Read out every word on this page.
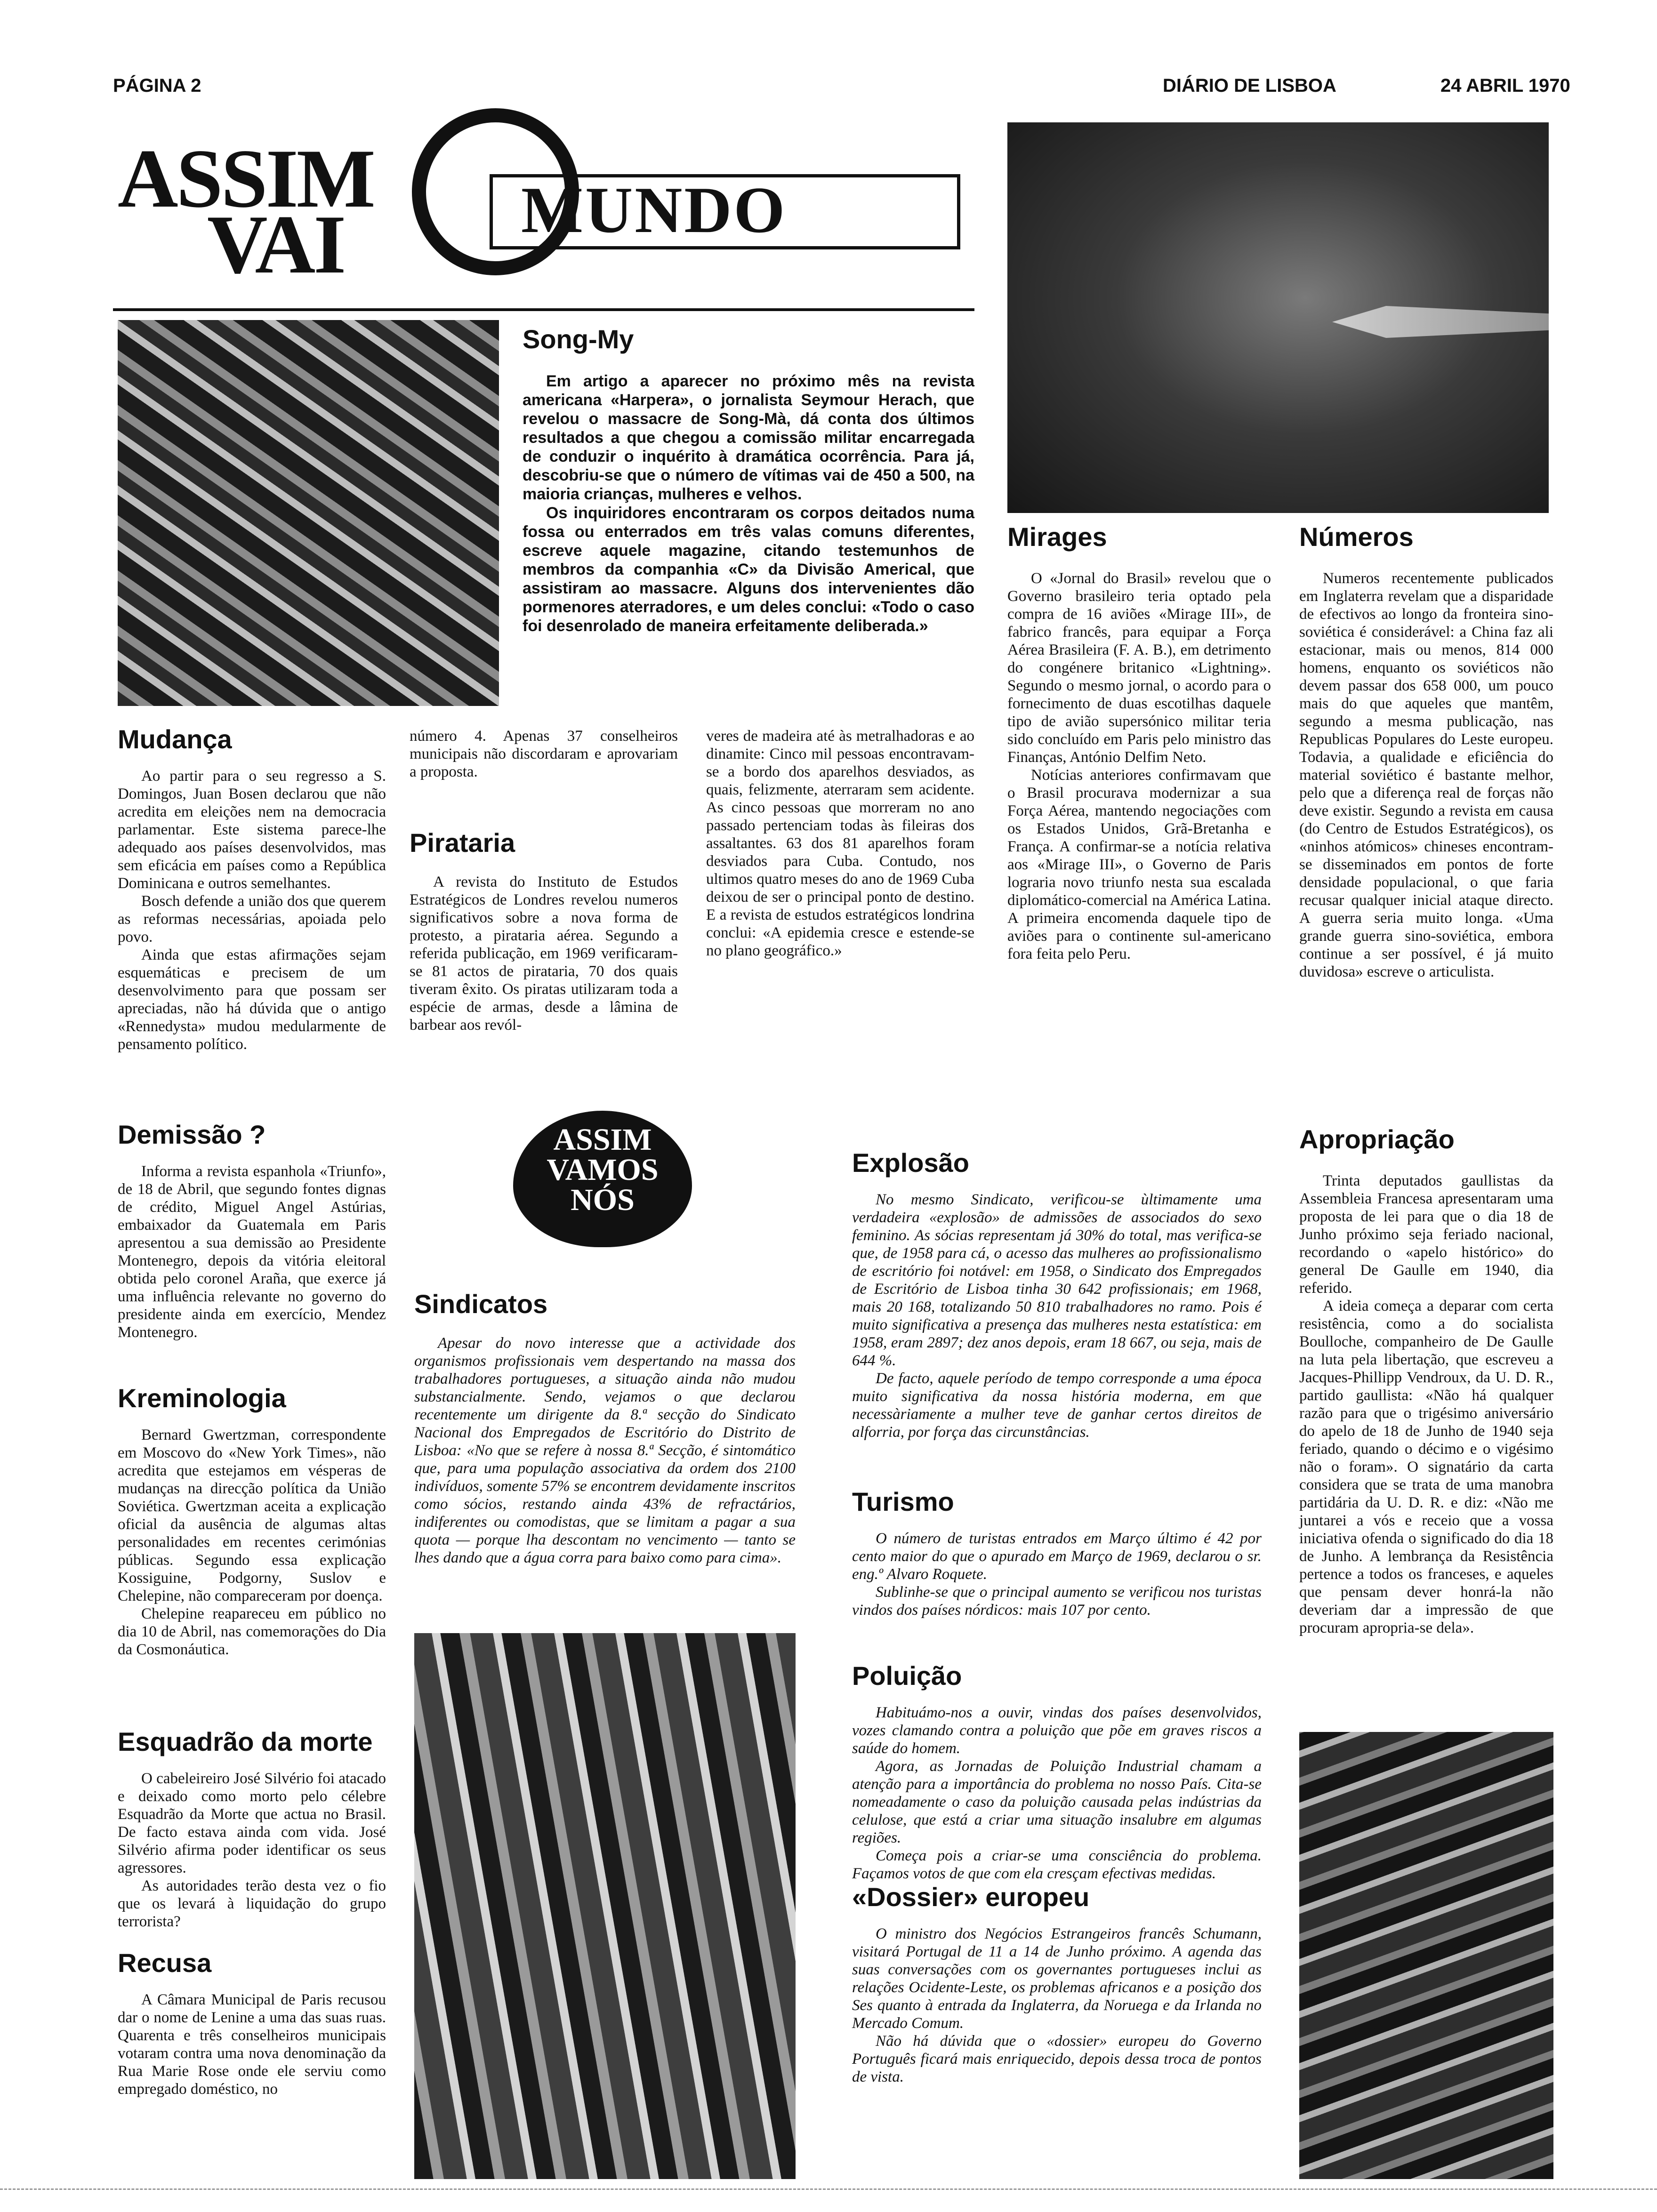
PÁGINA 2	DIÁRIO DE LISBOA	24 ABRIL 1970
ASSIM
VAI	MUNDO
Song-My

Em artigo a aparecer no próximo mês na revista americana «Harpera», o jornalista Seymour Herach, que revelou o massacre de Song-Mà, dá conta dos últimos resultados a que chegou a comissão militar encarregada de conduzir o inquérito à dramática ocorrência. Para já, descobriu-se que o número de vítimas vai de 450 a 500, na maioria crianças, mulheres e velhos.

Os inquiridores encontraram os corpos deitados numa fossa ou enterrados em três valas comuns diferentes, escreve aquele magazine, citando testemunhos de membros da companhia «C» da Divisão Americal, que assistiram ao massacre. Alguns dos intervenientes dão pormenores aterradores, e um deles conclui: «Todo o caso foi desenrolado de maneira erfeitamente deliberada.»

Mirages

O «Jornal do Brasil» revelou que o Governo brasileiro teria optado pela compra de 16 aviões «Mirage III», de fabrico francês, para equipar a Força Aérea Brasileira (F. A. B.), em detrimento do congénere britanico «Lightning». Segundo o mesmo jornal, o acordo para o fornecimento de duas escotilhas daquele tipo de avião supersónico militar teria sido concluído em Paris pelo ministro das Finanças, António Delfim Neto.

Notícias anteriores confirmavam que o Brasil procurava modernizar a sua Força Aérea, mantendo negociações com os Estados Unidos, Grã-Bretanha e França. A confirmar-se a notícia relativa aos «Mirage III», o Governo de Paris lograria novo triunfo nesta sua escalada diplomático-comercial na América Latina. A primeira encomenda daquele tipo de aviões para o continente sul-americano fora feita pelo Peru.

Números

Numeros recentemente publicados em Inglaterra revelam que a disparidade de efectivos ao longo da fronteira sino-soviética é considerável: a China faz ali estacionar, mais ou menos, 814 000 homens, enquanto os soviéticos não devem passar dos 658 000, um pouco mais do que aqueles que mantêm, segundo a mesma publicação, nas Republicas Populares do Leste europeu. Todavia, a qualidade e eficiência do material soviético é bastante melhor, pelo que a diferença real de forças não deve existir. Segundo a revista em causa (do Centro de Estudos Estratégicos), os «ninhos atómicos» chineses encontram-se disseminados em pontos de forte densidade populacional, o que faria recusar qualquer inicial ataque directo. A guerra seria muito longa. «Uma grande guerra sino-soviética, embora continue a ser possível, é já muito duvidosa» escreve o articulista.

Mudança

Ao partir para o seu regresso a S. Domingos, Juan Bosen declarou que não acredita em eleições nem na democracia parlamentar. Este sistema parece-lhe adequado aos países desenvolvidos, mas sem eficácia em países como a República Dominicana e outros semelhantes.

Bosch defende a união dos que querem as reformas necessárias, apoiada pelo povo.

Ainda que estas afirmações sejam esquemáticas e precisem de um desenvolvimento para que possam ser apreciadas, não há dúvida que o antigo «Rennedysta» mudou medularmente de pensamento político.

número 4. Apenas 37 conselheiros municipais não discordaram e aprovariam a proposta.
Pirataria

A revista do Instituto de Estudos Estratégicos de Londres revelou numeros significativos sobre a nova forma de protesto, a pirataria aérea. Segundo a referida publicação, em 1969 verificaram-se 81 actos de pirataria, 70 dos quais tiveram êxito. Os piratas utilizaram toda a espécie de armas, desde a lâmina de barbear aos revól-

veres de madeira até às metralhadoras e ao dinamite: Cinco mil pessoas encontravam-se a bordo dos aparelhos desviados, as quais, felizmente, aterraram sem acidente. As cinco pessoas que morreram no ano passado pertenciam todas às fileiras dos assaltantes. 63 dos 81 aparelhos foram desviados para Cuba. Contudo, nos ultimos quatro meses do ano de 1969 Cuba deixou de ser o principal ponto de destino. E a revista de estudos estratégicos londrina conclui: «A epidemia cresce e estende-se no plano geográfico.»
Demissão ?

Informa a revista espanhola «Triunfo», de 18 de Abril, que segundo fontes dignas de crédito, Miguel Angel Astúrias, embaixador da Guatemala em Paris apresentou a sua demissão ao Presidente Montenegro, depois da vitória eleitoral obtida pelo coronel Araña, que exerce já uma influência relevante no governo do presidente ainda em exercício, Mendez Montenegro.

Kreminologia

Bernard Gwertzman, correspondente em Moscovo do «New York Times», não acredita que estejamos em vésperas de mudanças na direcção política da União Soviética. Gwertzman aceita a explicação oficial da ausência de algumas altas personalidades em recentes cerimónias públicas. Segundo essa explicação Kossiguine, Podgorny, Suslov e Chelepine, não compareceram por doença.

Chelepine reapareceu em público no dia 10 de Abril, nas comemorações do Dia da Cosmonáutica.

Esquadrão da morte

O cabeleireiro José Silvério foi atacado e deixado como morto pelo célebre Esquadrão da Morte que actua no Brasil. De facto estava ainda com vida. José Silvério afirma poder identificar os seus agressores.

As autoridades terão desta vez o fio que os levará à liquidação do grupo terrorista?

Recusa

A Câmara Municipal de Paris recusou dar o nome de Lenine a uma das suas ruas. Quarenta e três conselheiros municipais votaram contra uma nova denominação da Rua Marie Rose onde ele serviu como empregado doméstico, no

ASSIM
VAMOS
NÓS
Sindicatos

Apesar do novo interesse que a actividade dos organismos profissionais vem despertando na massa dos trabalhadores portugueses, a situação ainda não mudou substancialmente. Sendo, vejamos o que declarou recentemente um dirigente da 8.ª secção do Sindicato Nacional dos Empregados de Escritório do Distrito de Lisboa: «No que se refere à nossa 8.ª Secção, é sintomático que, para uma população associativa da ordem dos 2100 indivíduos, somente 57% se encontrem devidamente inscritos como sócios, restando ainda 43% de refractários, indiferentes ou comodistas, que se limitam a pagar a sua quota — porque lha descontam no vencimento — tanto se lhes dando que a água corra para baixo como para cima».

Explosão

No mesmo Sindicato, verificou-se ùltimamente uma verdadeira «explosão» de admissões de associados do sexo feminino. As sócias representam já 30% do total, mas verifica-se que, de 1958 para cá, o acesso das mulheres ao profissionalismo de escritório foi notável: em 1958, o Sindicato dos Empregados de Escritório de Lisboa tinha 30 642 profissionais; em 1968, mais 20 168, totalizando 50 810 trabalhadores no ramo. Pois é muito significativa a presença das mulheres nesta estatística: em 1958, eram 2897; dez anos depois, eram 18 667, ou seja, mais de 644 %.

De facto, aquele período de tempo corresponde a uma época muito significativa da nossa história moderna, em que necessàriamente a mulher teve de ganhar certos direitos de alforria, por força das circunstâncias.

Turismo

O número de turistas entrados em Março último é 42 por cento maior do que o apurado em Março de 1969, declarou o sr. eng.º Alvaro Roquete.

Sublinhe-se que o principal aumento se verificou nos turistas vindos dos países nórdicos: mais 107 por cento.

Poluição

Habituámo-nos a ouvir, vindas dos países desenvolvidos, vozes clamando contra a poluição que põe em graves riscos a saúde do homem.

Agora, as Jornadas de Poluição Industrial chamam a atenção para a importância do problema no nosso País. Cita-se nomeadamente o caso da poluição causada pelas indústrias da celulose, que está a criar uma situação insalubre em algumas regiões.

Começa pois a criar-se uma consciência do problema. Façamos votos de que com ela cresçam efectivas medidas.

«Dossier» europeu

O ministro dos Negócios Estrangeiros francês Schumann, visitará Portugal de 11 a 14 de Junho próximo. A agenda das suas conversações com os governantes portugueses inclui as relações Ocidente-Leste, os problemas africanos e a posição dos Ses quanto à entrada da Inglaterra, da Noruega e da Irlanda no Mercado Comum.

Não há dúvida que o «dossier» europeu do Governo Português ficará mais enriquecido, depois dessa troca de pontos de vista.

Apropriação

Trinta deputados gaullistas da Assembleia Francesa apresentaram uma proposta de lei para que o dia 18 de Junho próximo seja feriado nacional, recordando o «apelo histórico» do general De Gaulle em 1940, dia referido.

A ideia começa a deparar com certa resistência, como a do socialista Boulloche, companheiro de De Gaulle na luta pela libertação, que escreveu a Jacques-Phillipp Vendroux, da U. D. R., partido gaullista: «Não há qualquer razão para que o trigésimo aniversário do apelo de 18 de Junho de 1940 seja feriado, quando o décimo e o vigésimo não o foram». O signatário da carta considera que se trata de uma manobra partidária da U. D. R. e diz: «Não me juntarei a vós e receio que a vossa iniciativa ofenda o significado do dia 18 de Junho. A lembrança da Resistência pertence a todos os franceses, e aqueles que pensam dever honrá-la não deveriam dar a impressão de que procuram apropria-se dela».
